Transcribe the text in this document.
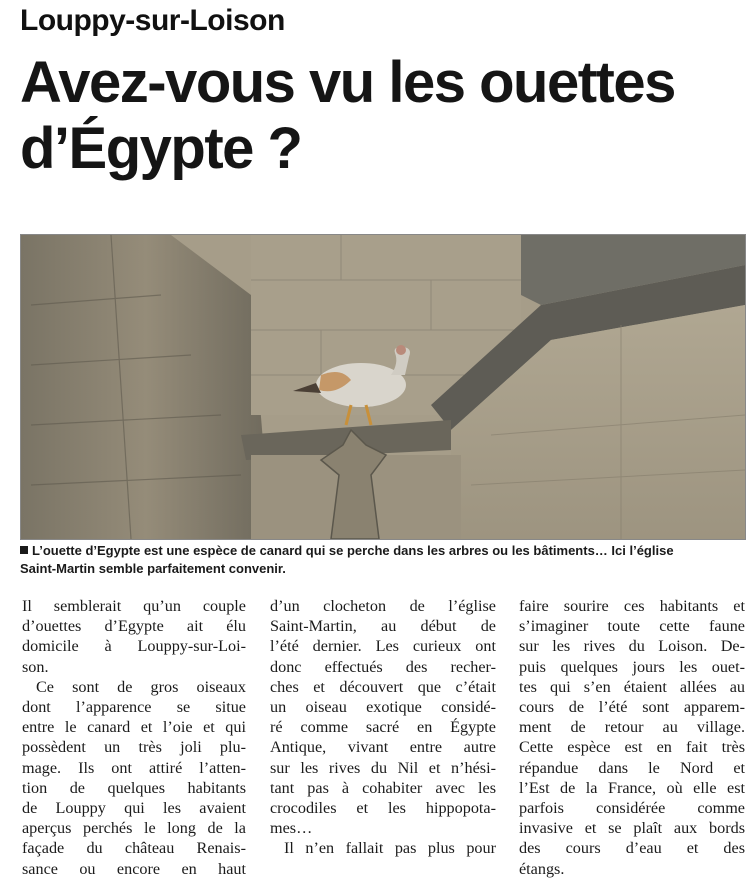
Louppy-sur-Loison
Avez-vous vu les ouettes
d’Égypte ?
L’ouette d’Egypte est une espèce de canard qui se perche dans les arbres ou les bâtiments… Ici l’église
Saint-Martin semble parfaitement convenir.
Il semblerait qu’un couple
d’ouettes d’Egypte ait élu
domicile à Louppy-sur-Loi-
son.
Ce sont de gros oiseaux
dont l’apparence se situe
entre le canard et l’oie et qui
possèdent un très joli plu-
mage. Ils ont attiré l’atten-
tion de quelques habitants
de Louppy qui les avaient
aperçus perchés le long de la
façade du château Renais-
sance ou encore en haut
d’un clocheton de l’église
Saint-Martin, au début de
l’été dernier. Les curieux ont
donc effectués des recher-
ches et découvert que c’était
un oiseau exotique considé-
ré comme sacré en Égypte
Antique, vivant entre autre
sur les rives du Nil et n’hési-
tant pas à cohabiter avec les
crocodiles et les hippopota-
mes…
Il n’en fallait pas plus pour
faire sourire ces habitants et
s’imaginer toute cette faune
sur les rives du Loison. De-
puis quelques jours les ouet-
tes qui s’en étaient allées au
cours de l’été sont apparem-
ment de retour au village.
Cette espèce est en fait très
répandue dans le Nord et
l’Est de la France, où elle est
parfois considérée comme
invasive et se plaît aux bords
des cours d’eau et des
étangs.
